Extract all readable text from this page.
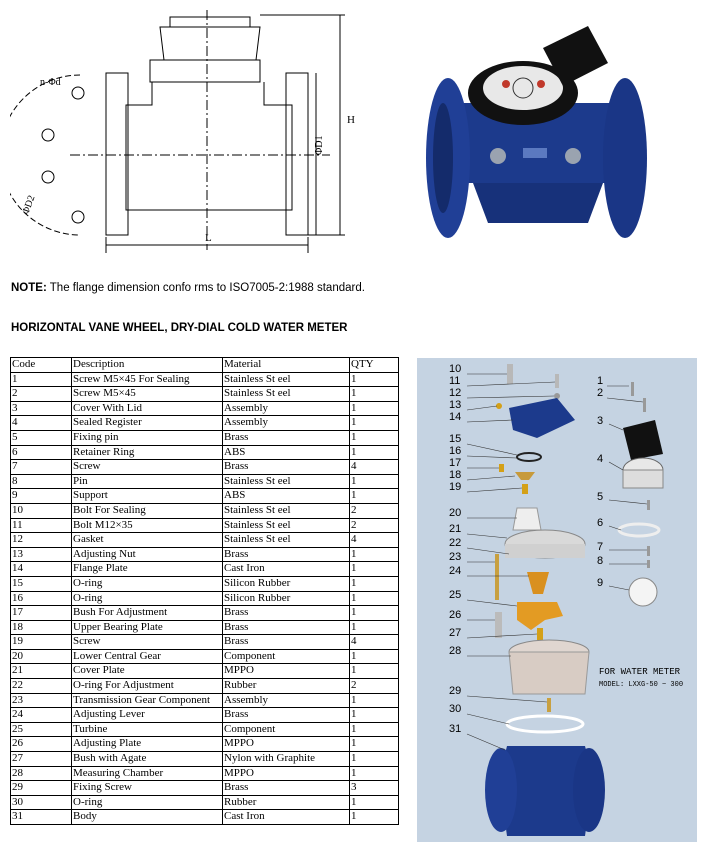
n-Φd
ΦD2
ΦD1
H
L
NOTE: The flange dimension confo rms to ISO7005-2:1988 standard.
HORIZONTAL VANE WHEEL, DRY-DIAL COLD WATER METER
Code	Description	Material	QTY
1	Screw M5×45 For Sealing	Stainless St eel	1
2	Screw M5×45	Stainless St eel	1
3	Cover With Lid	Assembly	1
4	Sealed Register	Assembly	1
5	Fixing pin	Brass	1
6	Retainer Ring	ABS	1
7	Screw	Brass	4
8	Pin	Stainless St eel	1
9	Support	ABS	1
10	Bolt For Sealing	Stainless St eel	2
11	Bolt M12×35	Stainless St eel	2
12	Gasket	Stainless St eel	4
13	Adjusting Nut	Brass	1
14	Flange Plate	Cast Iron	1
15	O-ring	Silicon Rubber	1
16	O-ring	Silicon Rubber	1
17	Bush For Adjustment	Brass	1
18	Upper Bearing Plate	Brass	1
19	Screw	Brass	4
20	Lower Central Gear	Component	1
21	Cover Plate	MPPO	1
22	O-ring For Adjustment	Rubber	2
23	Transmission Gear Component	Assembly	1
24	Adjusting Lever	Brass	1
25	Turbine	Component	1
26	Adjusting Plate	MPPO	1
27	Bush with Agate	Nylon with Graphite	1
28	Measuring Chamber	MPPO	1
29	Fixing Screw	Brass	3
30	O-ring	Rubber	1
31	Body	Cast Iron	1
10
11
12
13
14
15
16
17
18
19
20
21
22
23
24
25
26
27
28
29
30
31
1
2
3
4
5
6
7
8
9
FOR WATER METER
MODEL: LXXG-50 ~ 300
